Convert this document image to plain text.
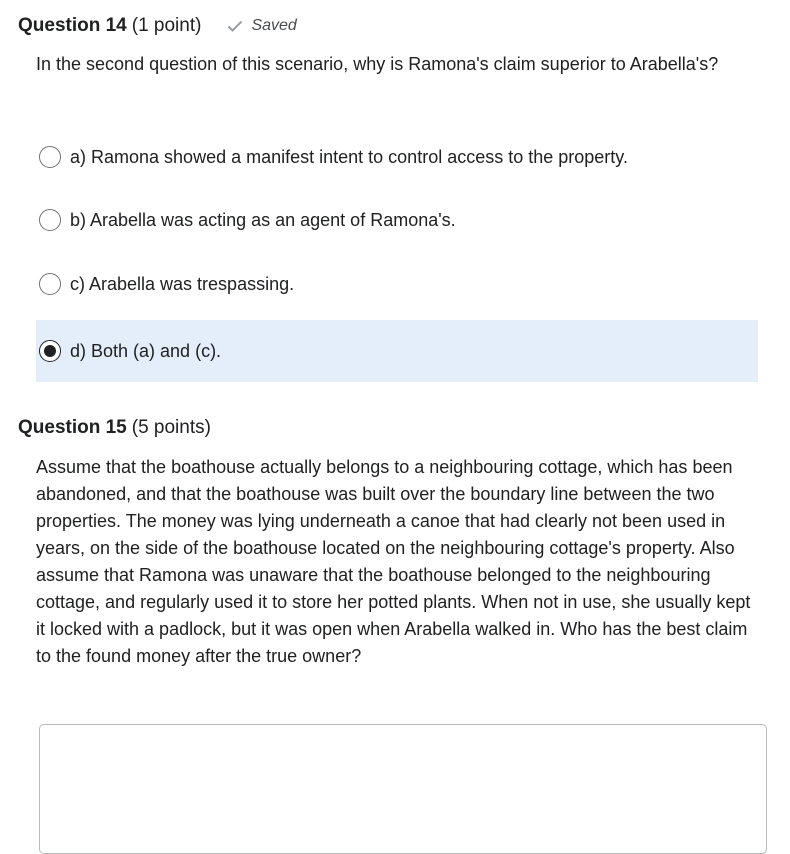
Question 14 (1 point)	Saved

In the second question of this scenario, why is Ramona's claim superior to Arabella's?

a) Ramona showed a manifest intent to control access to the property.
b) Arabella was acting as an agent of Ramona's.
c) Arabella was trespassing.
d) Both (a) and (c).
Question 15 (5 points)

Assume that the boathouse actually belongs to a neighbouring cottage, which has been abandoned, and that the boathouse was built over the boundary line between the two properties. The money was lying underneath a canoe that had clearly not been used in years, on the side of the boathouse located on the neighbouring cottage's property. Also assume that Ramona was unaware that the boathouse belonged to the neighbouring cottage, and regularly used it to store her potted plants. When not in use, she usually kept it locked with a padlock, but it was open when Arabella walked in. Who has the best claim to the found money after the true owner?
